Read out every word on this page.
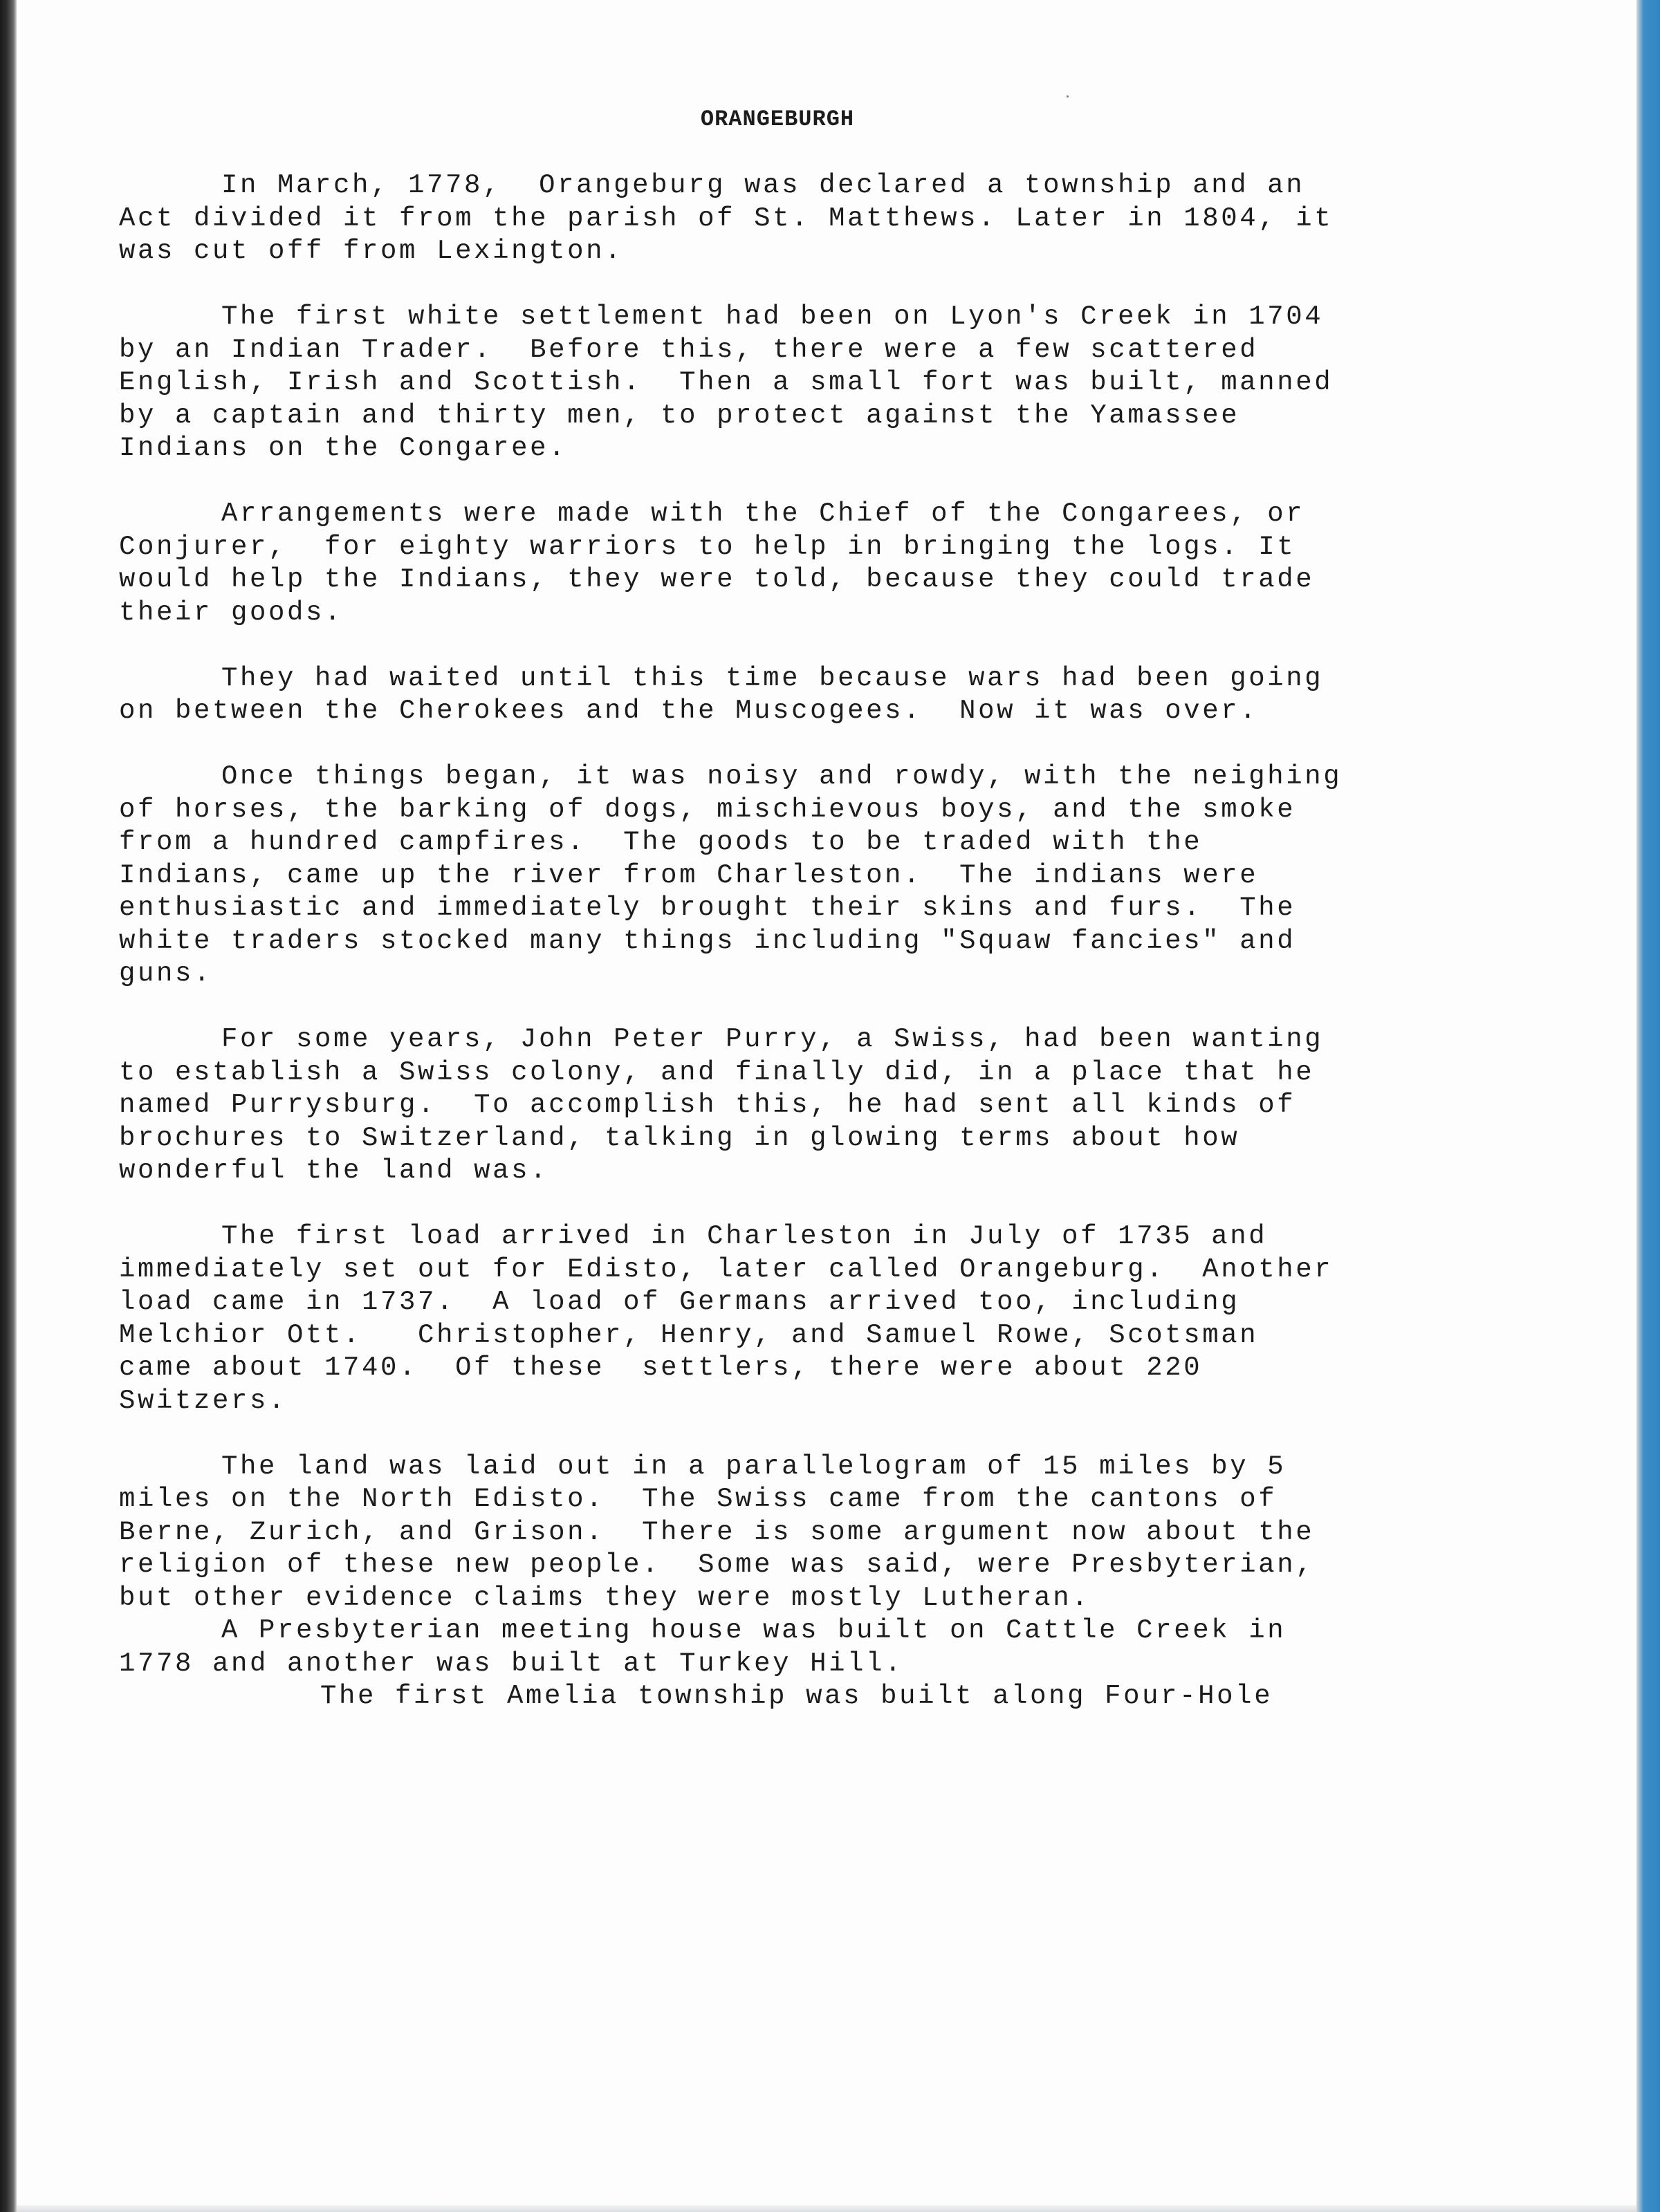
ORANGEBURGH

In March, 1778,  Orangeburg was declared a township and an
Act divided it from the parish of St. Matthews. Later in 1804, it
was cut off from Lexington.

The first white settlement had been on Lyon's Creek in 1704
by an Indian Trader.  Before this, there were a few scattered
English, Irish and Scottish.  Then a small fort was built, manned
by a captain and thirty men, to protect against the Yamassee
Indians on the Congaree.

Arrangements were made with the Chief of the Congarees, or
Conjurer,  for eighty warriors to help in bringing the logs. It
would help the Indians, they were told, because they could trade
their goods.

They had waited until this time because wars had been going
on between the Cherokees and the Muscogees.  Now it was over.

Once things began, it was noisy and rowdy, with the neighing
of horses, the barking of dogs, mischievous boys, and the smoke
from a hundred campfires.  The goods to be traded with the
Indians, came up the river from Charleston.  The indians were
enthusiastic and immediately brought their skins and furs.  The
white traders stocked many things including "Squaw fancies" and
guns.

For some years, John Peter Purry, a Swiss, had been wanting
to establish a Swiss colony, and finally did, in a place that he
named Purrysburg.  To accomplish this, he had sent all kinds of
brochures to Switzerland, talking in glowing terms about how
wonderful the land was.

The first load arrived in Charleston in July of 1735 and
immediately set out for Edisto, later called Orangeburg.  Another
load came in 1737.  A load of Germans arrived too, including
Melchior Ott.   Christopher, Henry, and Samuel Rowe, Scotsman
came about 1740.  Of these  settlers, there were about 220
Switzers.

The land was laid out in a parallelogram of 15 miles by 5
miles on the North Edisto.  The Swiss came from the cantons of
Berne, Zurich, and Grison.  There is some argument now about the
religion of these new people.  Some was said, were Presbyterian,
but other evidence claims they were mostly Lutheran.

A Presbyterian meeting house was built on Cattle Creek in
1778 and another was built at Turkey Hill.

The first Amelia township was built along Four-Hole
